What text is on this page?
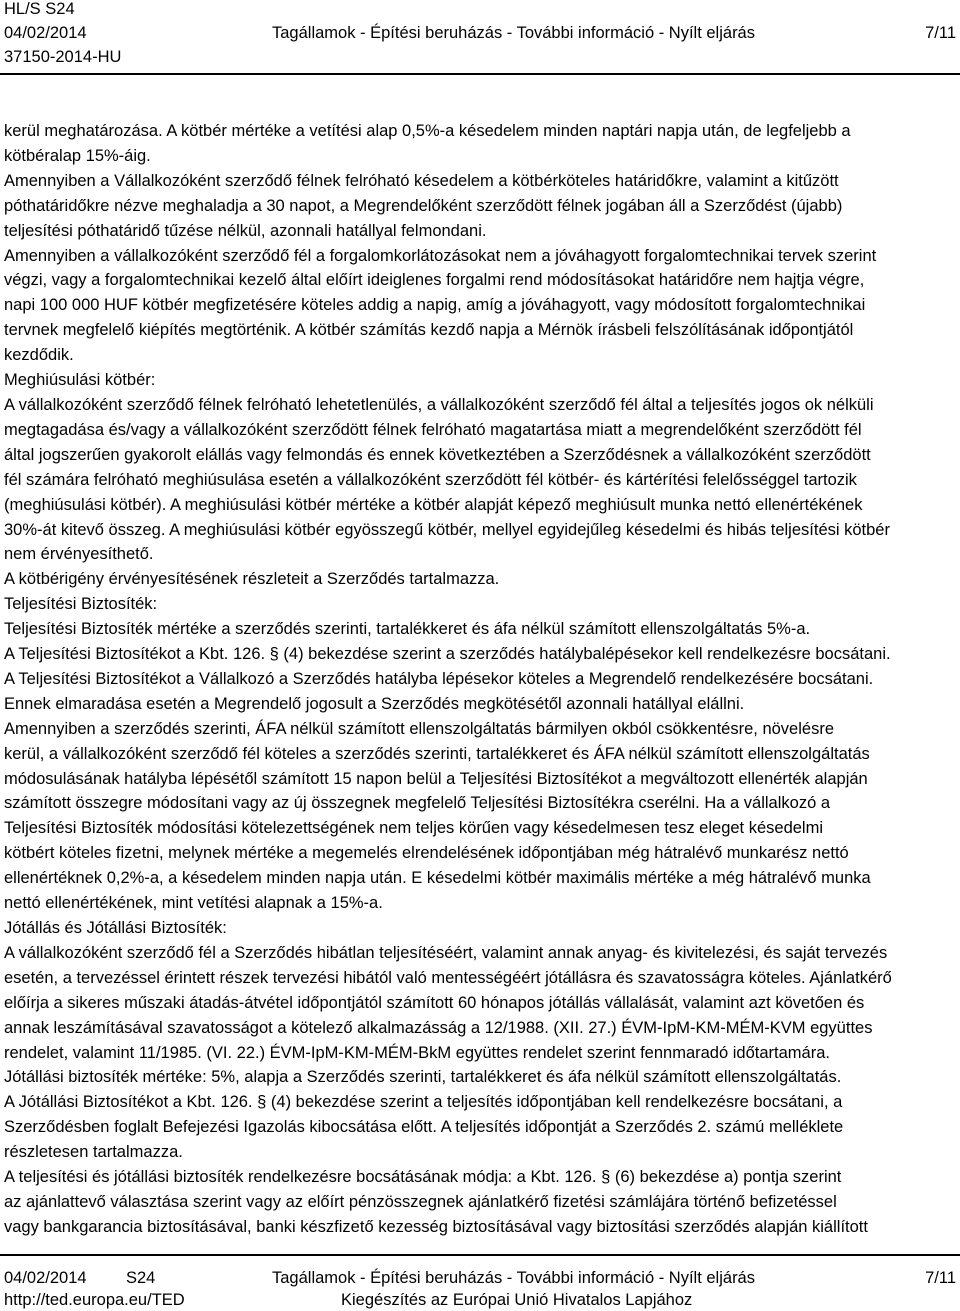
HL/S S24
04/02/2014	Tagállamok - Építési beruházás - További információ - Nyílt eljárás	7/11
37150-2014-HU

kerül meghatározása. A kötbér mértéke a vetítési alap 0,5%-a késedelem minden naptári napja után, de legfeljebb a

kötbéralap 15%-áig.

Amennyiben a Vállalkozóként szerződő félnek felróható késedelem a kötbérköteles határidőkre, valamint a kitűzött

póthatáridőkre nézve meghaladja a 30 napot, a Megrendelőként szerződött félnek jogában áll a Szerződést (újabb)

teljesítési póthatáridő tűzése nélkül, azonnali hatállyal felmondani.

Amennyiben a vállalkozóként szerződő fél a forgalomkorlátozásokat nem a jóváhagyott forgalomtechnikai tervek szerint

végzi, vagy a forgalomtechnikai kezelő által előírt ideiglenes forgalmi rend módosításokat határidőre nem hajtja végre,

napi 100 000 HUF kötbér megfizetésére köteles addig a napig, amíg a jóváhagyott, vagy módosított forgalomtechnikai

tervnek megfelelő kiépítés megtörténik. A kötbér számítás kezdő napja a Mérnök írásbeli felszólításának időpontjától

kezdődik.

Meghiúsulási kötbér:

A vállalkozóként szerződő félnek felróható lehetetlenülés, a vállalkozóként szerződő fél által a teljesítés jogos ok nélküli

megtagadása és/vagy a vállalkozóként szerződött félnek felróható magatartása miatt a megrendelőként szerződött fél

által jogszerűen gyakorolt elállás vagy felmondás és ennek következtében a Szerződésnek a vállalkozóként szerződött

fél számára felróható meghiúsulása esetén a vállalkozóként szerződött fél kötbér- és kártérítési felelősséggel tartozik

(meghiúsulási kötbér). A meghiúsulási kötbér mértéke a kötbér alapját képező meghiúsult munka nettó ellenértékének

30%-át kitevő összeg. A meghiúsulási kötbér egyösszegű kötbér, mellyel egyidejűleg késedelmi és hibás teljesítési kötbér

nem érvényesíthető.

A kötbérigény érvényesítésének részleteit a Szerződés tartalmazza.

Teljesítési Biztosíték:

Teljesítési Biztosíték mértéke a szerződés szerinti, tartalékkeret és áfa nélkül számított ellenszolgáltatás 5%-a.

A Teljesítési Biztosítékot a Kbt. 126. § (4) bekezdése szerint a szerződés hatálybalépésekor kell rendelkezésre bocsátani.

A Teljesítési Biztosítékot a Vállalkozó a Szerződés hatályba lépésekor köteles a Megrendelő rendelkezésére bocsátani.

Ennek elmaradása esetén a Megrendelő jogosult a Szerződés megkötésétől azonnali hatállyal elállni.

Amennyiben a szerződés szerinti, ÁFA nélkül számított ellenszolgáltatás bármilyen okból csökkentésre, növelésre

kerül, a vállalkozóként szerződő fél köteles a szerződés szerinti, tartalékkeret és ÁFA nélkül számított ellenszolgáltatás

módosulásának hatályba lépésétől számított 15 napon belül a Teljesítési Biztosítékot a megváltozott ellenérték alapján

számított összegre módosítani vagy az új összegnek megfelelő Teljesítési Biztosítékra cserélni. Ha a vállalkozó a

Teljesítési Biztosíték módosítási kötelezettségének nem teljes körűen vagy késedelmesen tesz eleget késedelmi

kötbért köteles fizetni, melynek mértéke a megemelés elrendelésének időpontjában még hátralévő munkarész nettó

ellenértéknek 0,2%-a, a késedelem minden napja után. E késedelmi kötbér maximális mértéke a még hátralévő munka

nettó ellenértékének, mint vetítési alapnak a 15%-a.

Jótállás és Jótállási Biztosíték:

A vállalkozóként szerződő fél a Szerződés hibátlan teljesítéséért, valamint annak anyag- és kivitelezési, és saját tervezés

esetén, a tervezéssel érintett részek tervezési hibától való mentességéért jótállásra és szavatosságra köteles. Ajánlatkérő

előírja a sikeres műszaki átadás-átvétel időpontjától számított 60 hónapos jótállás vállalását, valamint azt követően és

annak leszámításával szavatosságot a kötelező alkalmazásság a 12/1988. (XII. 27.) ÉVM-IpM-KM-MÉM-KVM együttes

rendelet, valamint 11/1985. (VI. 22.) ÉVM-IpM-KM-MÉM-BkM együttes rendelet szerint fennmaradó időtartamára.

Jótállási biztosíték mértéke: 5%, alapja a Szerződés szerinti, tartalékkeret és áfa nélkül számított ellenszolgáltatás.

A Jótállási Biztosítékot a Kbt. 126. § (4) bekezdése szerint a teljesítés időpontjában kell rendelkezésre bocsátani, a

Szerződésben foglalt Befejezési Igazolás kibocsátása előtt. A teljesítés időpontját a Szerződés 2. számú melléklete

részletesen tartalmazza.

A teljesítési és jótállási biztosíték rendelkezésre bocsátásának módja: a Kbt. 126. § (6) bekezdése a) pontja szerint

az ajánlattevő választása szerint vagy az előírt pénzösszegnek ajánlatkérő fizetési számlájára történő befizetéssel

vagy bankgarancia biztosításával, banki készfizető kezesség biztosításával vagy biztosítási szerződés alapján kiállított

04/02/2014 S24	Tagállamok - Építési beruházás - További információ - Nyílt eljárás	7/11
http://ted.europa.eu/TED	Kiegészítés az Európai Unió Hivatalos Lapjához
